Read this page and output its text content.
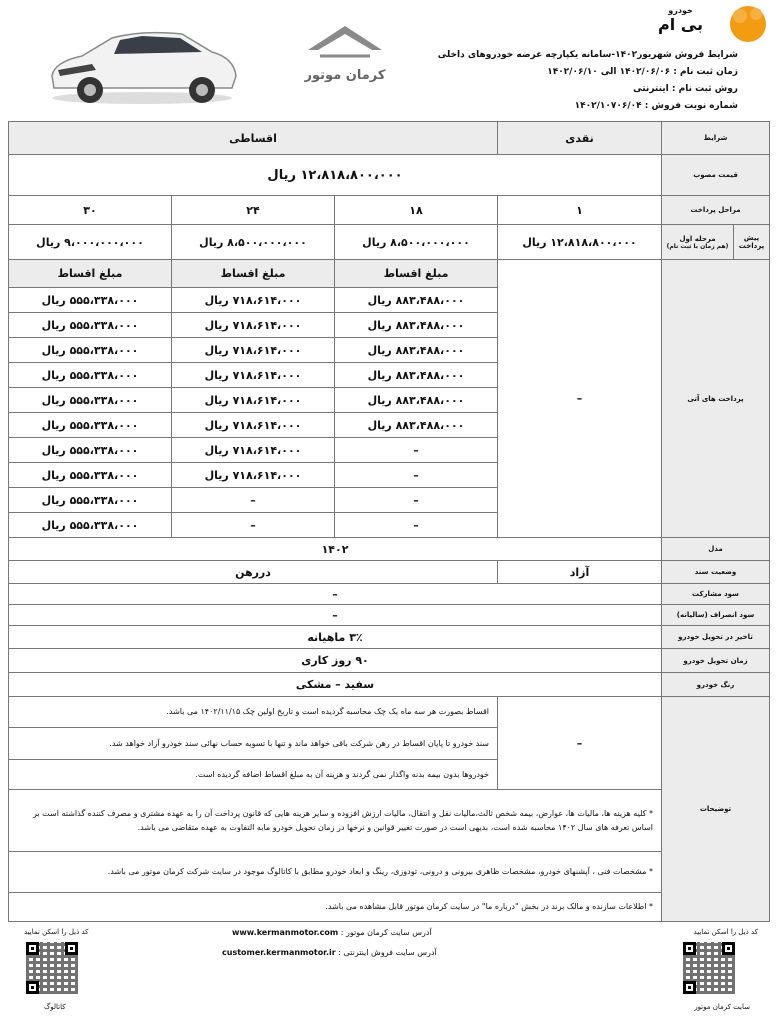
کرمان موتور
خودرو
بی ام
شرایط فروش شهریور۱۴۰۲-سامانه یکپارچه عرضه خودروهای داخلی
زمان ثبت نام : ۱۴۰۲/۰۶/۰۶ الی ۱۴۰۲/۰۶/۱۰
روش ثبت نام : اینترنتی
شماره نوبت فروش : ۱۴۰۲/۱۰۷۰۶/۰۴
شرایط
نقدی
اقساطی
قیمت مصوب
۱۲،۸۱۸،۸۰۰،۰۰۰ ریال
مراحل پرداخت
۱
۱۸
۲۴
۳۰
پیش پرداخت
مرحله اول
(هم زمان با ثبت نام)
۱۲،۸۱۸،۸۰۰،۰۰۰ ریال
۸،۵۰۰،۰۰۰،۰۰۰ ریال
۸،۵۰۰،۰۰۰،۰۰۰ ریال
۹،۰۰۰،۰۰۰،۰۰۰ ریال
پرداخت های آتی
–
مبلغ اقساط
مبلغ اقساط
مبلغ اقساط
۸۸۳،۴۸۸،۰۰۰ ریال
۷۱۸،۶۱۴،۰۰۰ ریال
۵۵۵،۳۳۸،۰۰۰ ریال
۸۸۳،۴۸۸،۰۰۰ ریال
۷۱۸،۶۱۴،۰۰۰ ریال
۵۵۵،۳۳۸،۰۰۰ ریال
۸۸۳،۴۸۸،۰۰۰ ریال
۷۱۸،۶۱۴،۰۰۰ ریال
۵۵۵،۳۳۸،۰۰۰ ریال
۸۸۳،۴۸۸،۰۰۰ ریال
۷۱۸،۶۱۴،۰۰۰ ریال
۵۵۵،۳۳۸،۰۰۰ ریال
۸۸۳،۴۸۸،۰۰۰ ریال
۷۱۸،۶۱۴،۰۰۰ ریال
۵۵۵،۳۳۸،۰۰۰ ریال
۸۸۳،۴۸۸،۰۰۰ ریال
۷۱۸،۶۱۴،۰۰۰ ریال
۵۵۵،۳۳۸،۰۰۰ ریال
–
۷۱۸،۶۱۴،۰۰۰ ریال
۵۵۵،۳۳۸،۰۰۰ ریال
–
۷۱۸،۶۱۴،۰۰۰ ریال
۵۵۵،۳۳۸،۰۰۰ ریال
–
–
۵۵۵،۳۳۸،۰۰۰ ریال
–
–
۵۵۵،۳۳۸،۰۰۰ ریال
مدل
۱۴۰۲
وضعیت سند
آزاد
دررهن
سود مشارکت
–
سود انصراف (سالیانه)
–
تاخیر در تحویل خودرو
۳٪ ماهیانه
زمان تحویل خودرو
۹۰ روز کاری
رنگ خودرو
سفید – مشکی
توضیحات
–
اقساط بصورت هر سه ماه یک چک محاسبه گردیده است و تاریخ اولین چک ۱۴۰۲/۱۱/۱۵ می باشد.
سند خودرو تا پایان اقساط در رهن شرکت باقی خواهد ماند و تنها با تسویه حساب نهائی سند خودرو آزاد خواهد شد.
خودروها بدون بیمه بدنه واگذار نمی گردند و هزینه آن به مبلغ اقساط اضافه گردیده است.
* کلیه هزینه ها، مالیات ها، عوارض، بیمه شخص ثالث،مالیات نقل و انتقال، مالیات ارزش افزوده و سایر هزینه هایی که قانون پرداخت آن را به عهده مشتری و مصرف کننده گذاشته است بر اساس تعرفه های سال ۱۴۰۲ محاسبه شده است، بدیهی است در صورت تغییر قوانین و نرخها در زمان تحویل خودرو مابه التفاوت به عهده متقاضی می باشد.
* مشخصات فنی ، آپشنهای خودرو، مشخصات ظاهری بیرونی و درونی، تودوزی، رینگ و ابعاد خودرو مطابق با کاتالوگ موجود در سایت شرکت کرمان موتور می باشد.
* اطلاعات سازنده و مالک برند در بخش "درباره ما" در سایت کرمان موتور قابل مشاهده می باشد.
کد ذیل را اسکن نمایید
سایت کرمان موتور
کد ذیل را اسکن نمایید
کاتالوگ
آدرس سایت کرمان موتور : www.kermanmotor.com
آدرس سایت فروش اینترنتی : customer.kermanmotor.ir
